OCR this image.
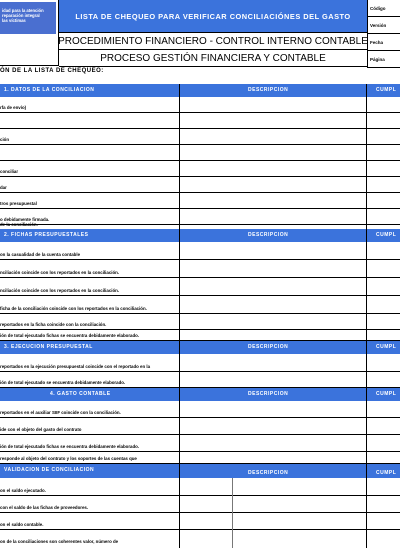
idad para la atención
reparación integral
las víctimas	LISTA DE CHEQUEO PARA VERIFICAR CONCILIACIÓNES DEL GASTO
PROCEDIMIENTO FINANCIERO - CONTROL INTERNO CONTABLE
PROCESO GESTIÓN FINANCIERA Y CONTABLE
Código
Versión
Fecha
Página
ÓN DE LA LISTA DE CHEQUEO:
1. DATOS DE LA CONCILIACION	DESCRIPCION	CUMPL
rfa de envío)
ción
conciliar
dar
tros presupuestal
o debidamente firmada.
de la conciliación.
2. FICHAS PRESUPUESTALES	DESCRIPCION	CUMPL
on la casualidad de la cuenta contable
nciliación coincide con los reportados en la conciliación.
nciliación coincide con los reportados en la conciliación.
ficha de la conciliación coincide con los reportados en la conciliación.
reportados en la ficha coincide con la conciliación.
ión de total ejecutado fichas se encuentra debidamente elaborado.
3. EJECUCION PRESUPUESTAL	DESCRIPCION	CUMPL
reportados en la ejecución presupuestal coincide con el reportado en la
ión de total ejecutado se encuentra debidamente elaborado.
4. GASTO CONTABLE	DESCRIPCION	CUMPL
reportados en el auxiliar SIIF coincide con la conciliación.
ide con el objeto del gasto del contrato
ión de total ejecutado fichas se encuentra debidamente elaborado.
responde al objeto del contrato y los soportes de las cuentas que
VALIDACION DE CONCILIACION	DESCRIPCION	CUMPL
on el saldo ejecutado.
con el saldo de las fichas de proveedores.
on el saldo contable.
on de la conciliaciones son coherentes valor, número de
